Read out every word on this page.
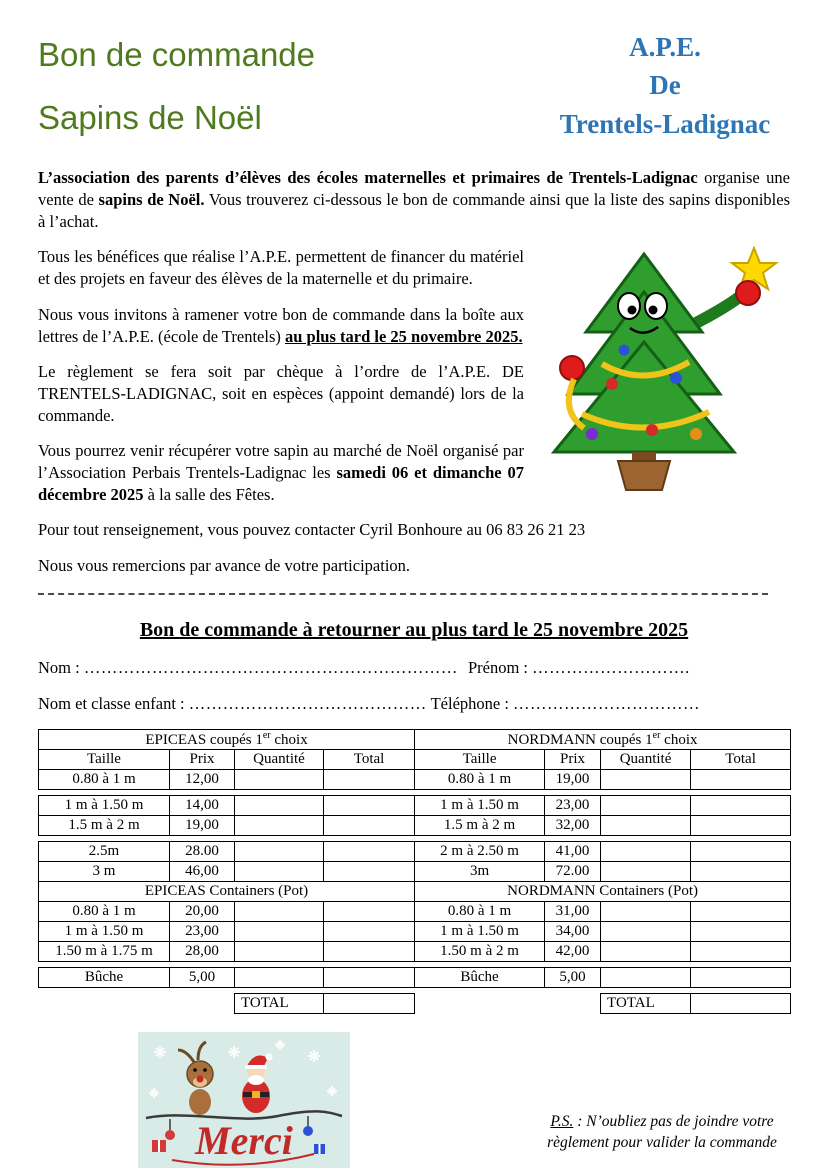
Bon de commande
Sapins de Noël
A.P.E.
De
Trentels-Ladignac

L’association des parents d’élèves des écoles maternelles et primaires de Trentels-Ladignac organise une vente de sapins de Noël. Vous trouverez ci-dessous le bon de commande ainsi que la liste des sapins disponibles à l’achat.

Tous les bénéfices que réalise l’A.P.E. permettent de financer du matériel et des projets en faveur des élèves de la maternelle et du primaire.

Nous vous invitons à ramener votre bon de commande dans la boîte aux lettres de l’A.P.E. (école de Trentels) au plus tard le 25 novembre 2025.

Le règlement se fera soit par chèque à l’ordre de l’A.P.E. DE TRENTELS-LADIGNAC, soit en espèces (appoint demandé) lors de la commande.

Vous pourrez venir récupérer votre sapin au marché de Noël organisé par l’Association Perbais Trentels-Ladignac les samedi 06 et dimanche 07 décembre 2025 à la salle des Fêtes.

Pour tout renseignement, vous pouvez contacter Cyril Bonhoure au 06 83 26 21 23

Nous vous remercions par avance de votre participation.

Bon de commande à retourner au plus tard le 25 novembre 2025
Nom : ………………………………………………………… Prénom : ……………………….
Nom et classe enfant : …………………………………… Téléphone : ……………………………
EPICEAS coupés 1er choix				NORDMANN coupés 1er choix			
Taille	Prix	Quantité	Total	Taille	Prix	Quantité	Total
0.80 à 1 m	12,00			0.80 à 1 m	19,00		

1 m à 1.50 m	14,00			1 m à 1.50 m	23,00		
1.5 m à 2 m	19,00			1.5 m à 2 m	32,00		

2.5m	28.00			2 m à 2.50 m	41,00		
3 m	46,00			3m	72.00		
EPICEAS Containers (Pot)				NORDMANN Containers (Pot)			
0.80 à 1 m	20,00			0.80 à 1 m	31,00		
1 m à 1.50 m	23,00			1 m à 1.50 m	34,00		
1.50 m à 1.75 m	28,00			1.50 m à 2 m	42,00		

Bûche	5,00			Bûche	5,00		

		TOTAL				TOTAL	
Merci	P.S. : N’oubliez pas de joindre votre règlement pour valider la commande
